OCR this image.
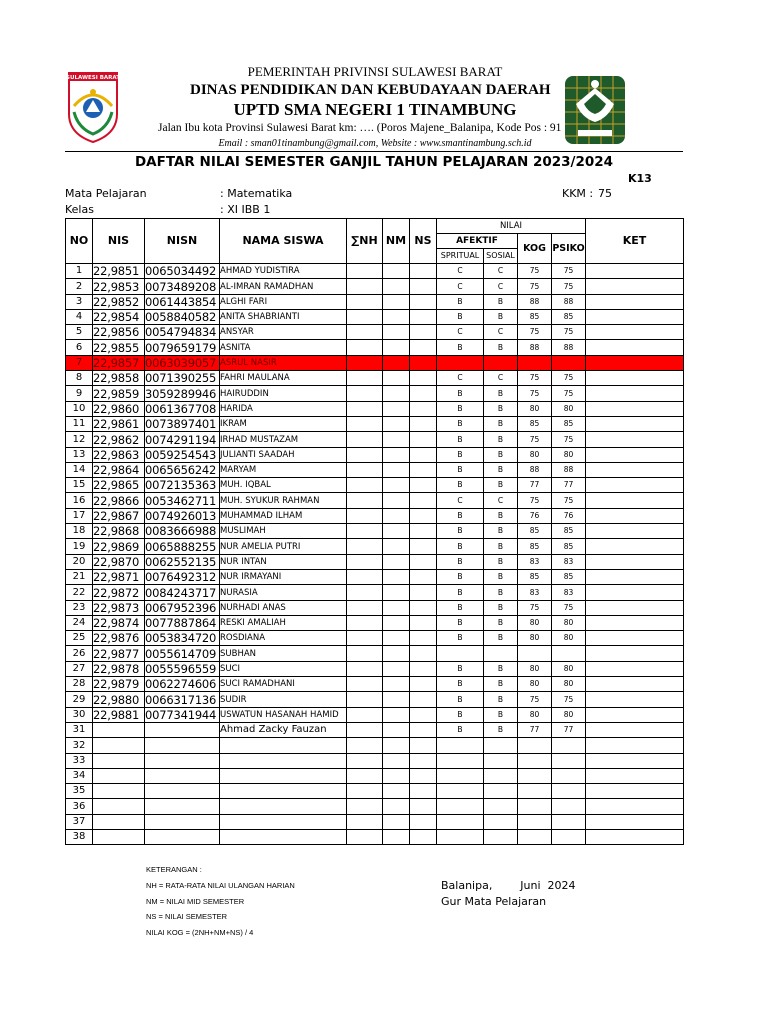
SULAWESI BARAT	PEMERINTAH PRIVINSI SULAWESI BARAT
DINAS PENDIDIKAN DAN KEBUDAYAAN DAERAH
UPTD SMA NEGERI 1 TINAMBUNG
Jalan Ibu kota Provinsi Sulawesi Barat km: …. (Poros Majene_Balanipa, Kode Pos : 91
Email : sman01tinambung@gmail.com, Website : www.smantinambung.sch.id
DAFTAR NILAI SEMESTER GANJIL TAHUN PELAJARAN 2023/2024
K13
Mata Pelajaran	: Matematika	KKM : 75
Kelas	: XI IBB 1
NO	NIS	NISN	NAMA SISWA	∑NH	NM	NS	NILAI				KET
							AFEKTIF		KOG	PSIKO	
							SPRITUAL	SOSIAL			
1	22,9851	0065034492	AHMAD YUDISTIRA				C	C	75	75	
2	22,9853	0073489208	AL-IMRAN RAMADHAN				C	C	75	75	
3	22,9852	0061443854	ALGHI FARI				B	B	88	88	
4	22,9854	0058840582	ANITA SHABRIANTI				B	B	85	85	
5	22,9856	0054794834	ANSYAR				C	C	75	75	
6	22,9855	0079659179	ASNITA				B	B	88	88	
7	22,9857	0063039057	ASRUL NASIR								
8	22,9858	0071390255	FAHRI MAULANA				C	C	75	75	
9	22,9859	3059289946	HAIRUDDIN				B	B	75	75	
10	22,9860	0061367708	HARIDA				B	B	80	80	
11	22,9861	0073897401	IKRAM				B	B	85	85	
12	22,9862	0074291194	IRHAD MUSTAZAM				B	B	75	75	
13	22,9863	0059254543	JULIANTI SAADAH				B	B	80	80	
14	22,9864	0065656242	MARYAM				B	B	88	88	
15	22,9865	0072135363	MUH. IQBAL				B	B	77	77	
16	22,9866	0053462711	MUH. SYUKUR RAHMAN				C	C	75	75	
17	22,9867	0074926013	MUHAMMAD ILHAM				B	B	76	76	
18	22,9868	0083666988	MUSLIMAH				B	B	85	85	
19	22,9869	0065888255	NUR AMELIA PUTRI				B	B	85	85	
20	22,9870	0062552135	NUR INTAN				B	B	83	83	
21	22,9871	0076492312	NUR IRMAYANI				B	B	85	85	
22	22,9872	0084243717	NURASIA				B	B	83	83	
23	22,9873	0067952396	NURHADI ANAS				B	B	75	75	
24	22,9874	0077887864	RESKI AMALIAH				B	B	80	80	
25	22,9876	0053834720	ROSDIANA				B	B	80	80	
26	22,9877	0055614709	SUBHAN								
27	22,9878	0055596559	SUCI				B	B	80	80	
28	22,9879	0062274606	SUCI RAMADHANI				B	B	80	80	
29	22,9880	0066317136	SUDIR				B	B	75	75	
30	22,9881	0077341944	USWATUN HASANAH HAMID				B	B	80	80	
31			Ahmad Zacky Fauzan				B	B	77	77	
32											
33											
34											
35											
36											
37											
38											
KETERANGAN :
NH = RATA-RATA NILAI ULANGAN HARIAN
NM = NILAI MID SEMESTER
NS = NILAI SEMESTER
NILAI KOG = (2NH+NM+NS) / 4
Balanipa,        Juni  2024
Gur Mata Pelajaran
